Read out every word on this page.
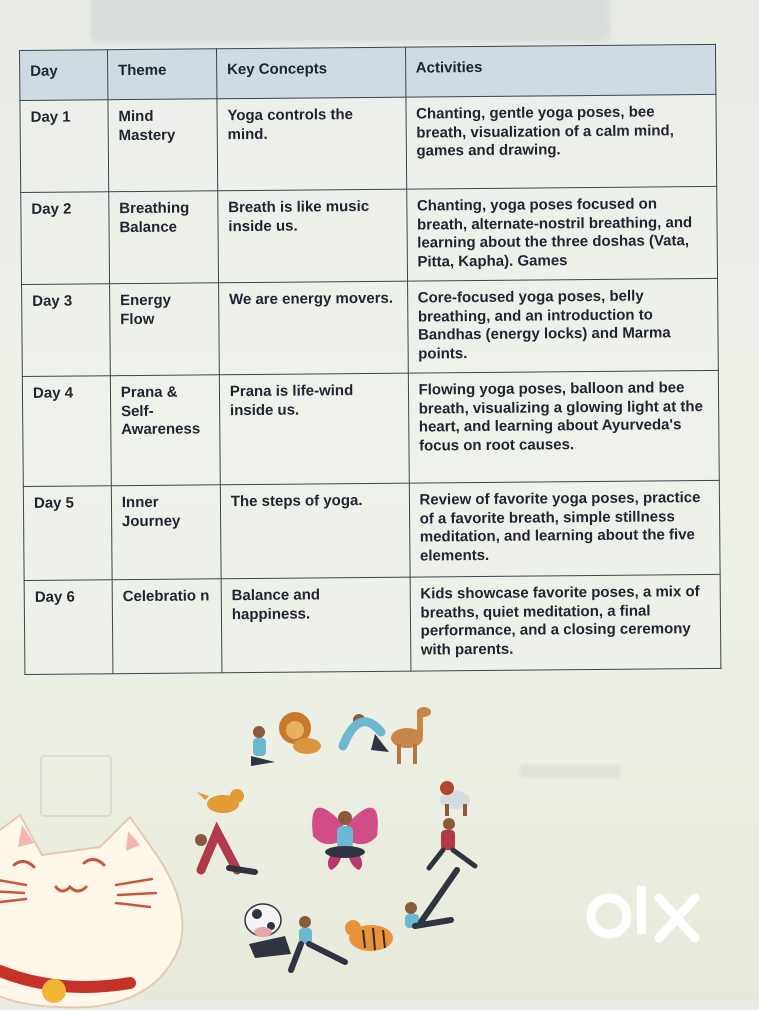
Day	Theme	Key Concepts	Activities
Day 1	Mind Mastery	Yoga controls the mind.	Chanting, gentle yoga poses, bee breath, visualization of a calm mind, games and drawing.
Day 2	Breathing Balance	Breath is like music inside us.	Chanting, yoga poses focused on breath, alternate-nostril breathing, and learning about the three doshas (Vata, Pitta, Kapha). Games
Day 3	Energy Flow	We are energy movers.	Core-focused yoga poses, belly breathing, and an introduction to Bandhas (energy locks) and Marma points.
Day 4	Prana & Self-Awareness	Prana is life-wind inside us.	Flowing yoga poses, balloon and bee breath, visualizing a glowing light at the heart, and learning about Ayurveda's focus on root causes.
Day 5	Inner Journey	The steps of yoga.	Review of favorite yoga poses, practice of a favorite breath, simple stillness meditation, and learning about the five elements.
Day 6	Celebratio n	Balance and happiness.	Kids showcase favorite poses, a mix of breaths, quiet meditation, a final performance, and a closing ceremony with parents.
olx
